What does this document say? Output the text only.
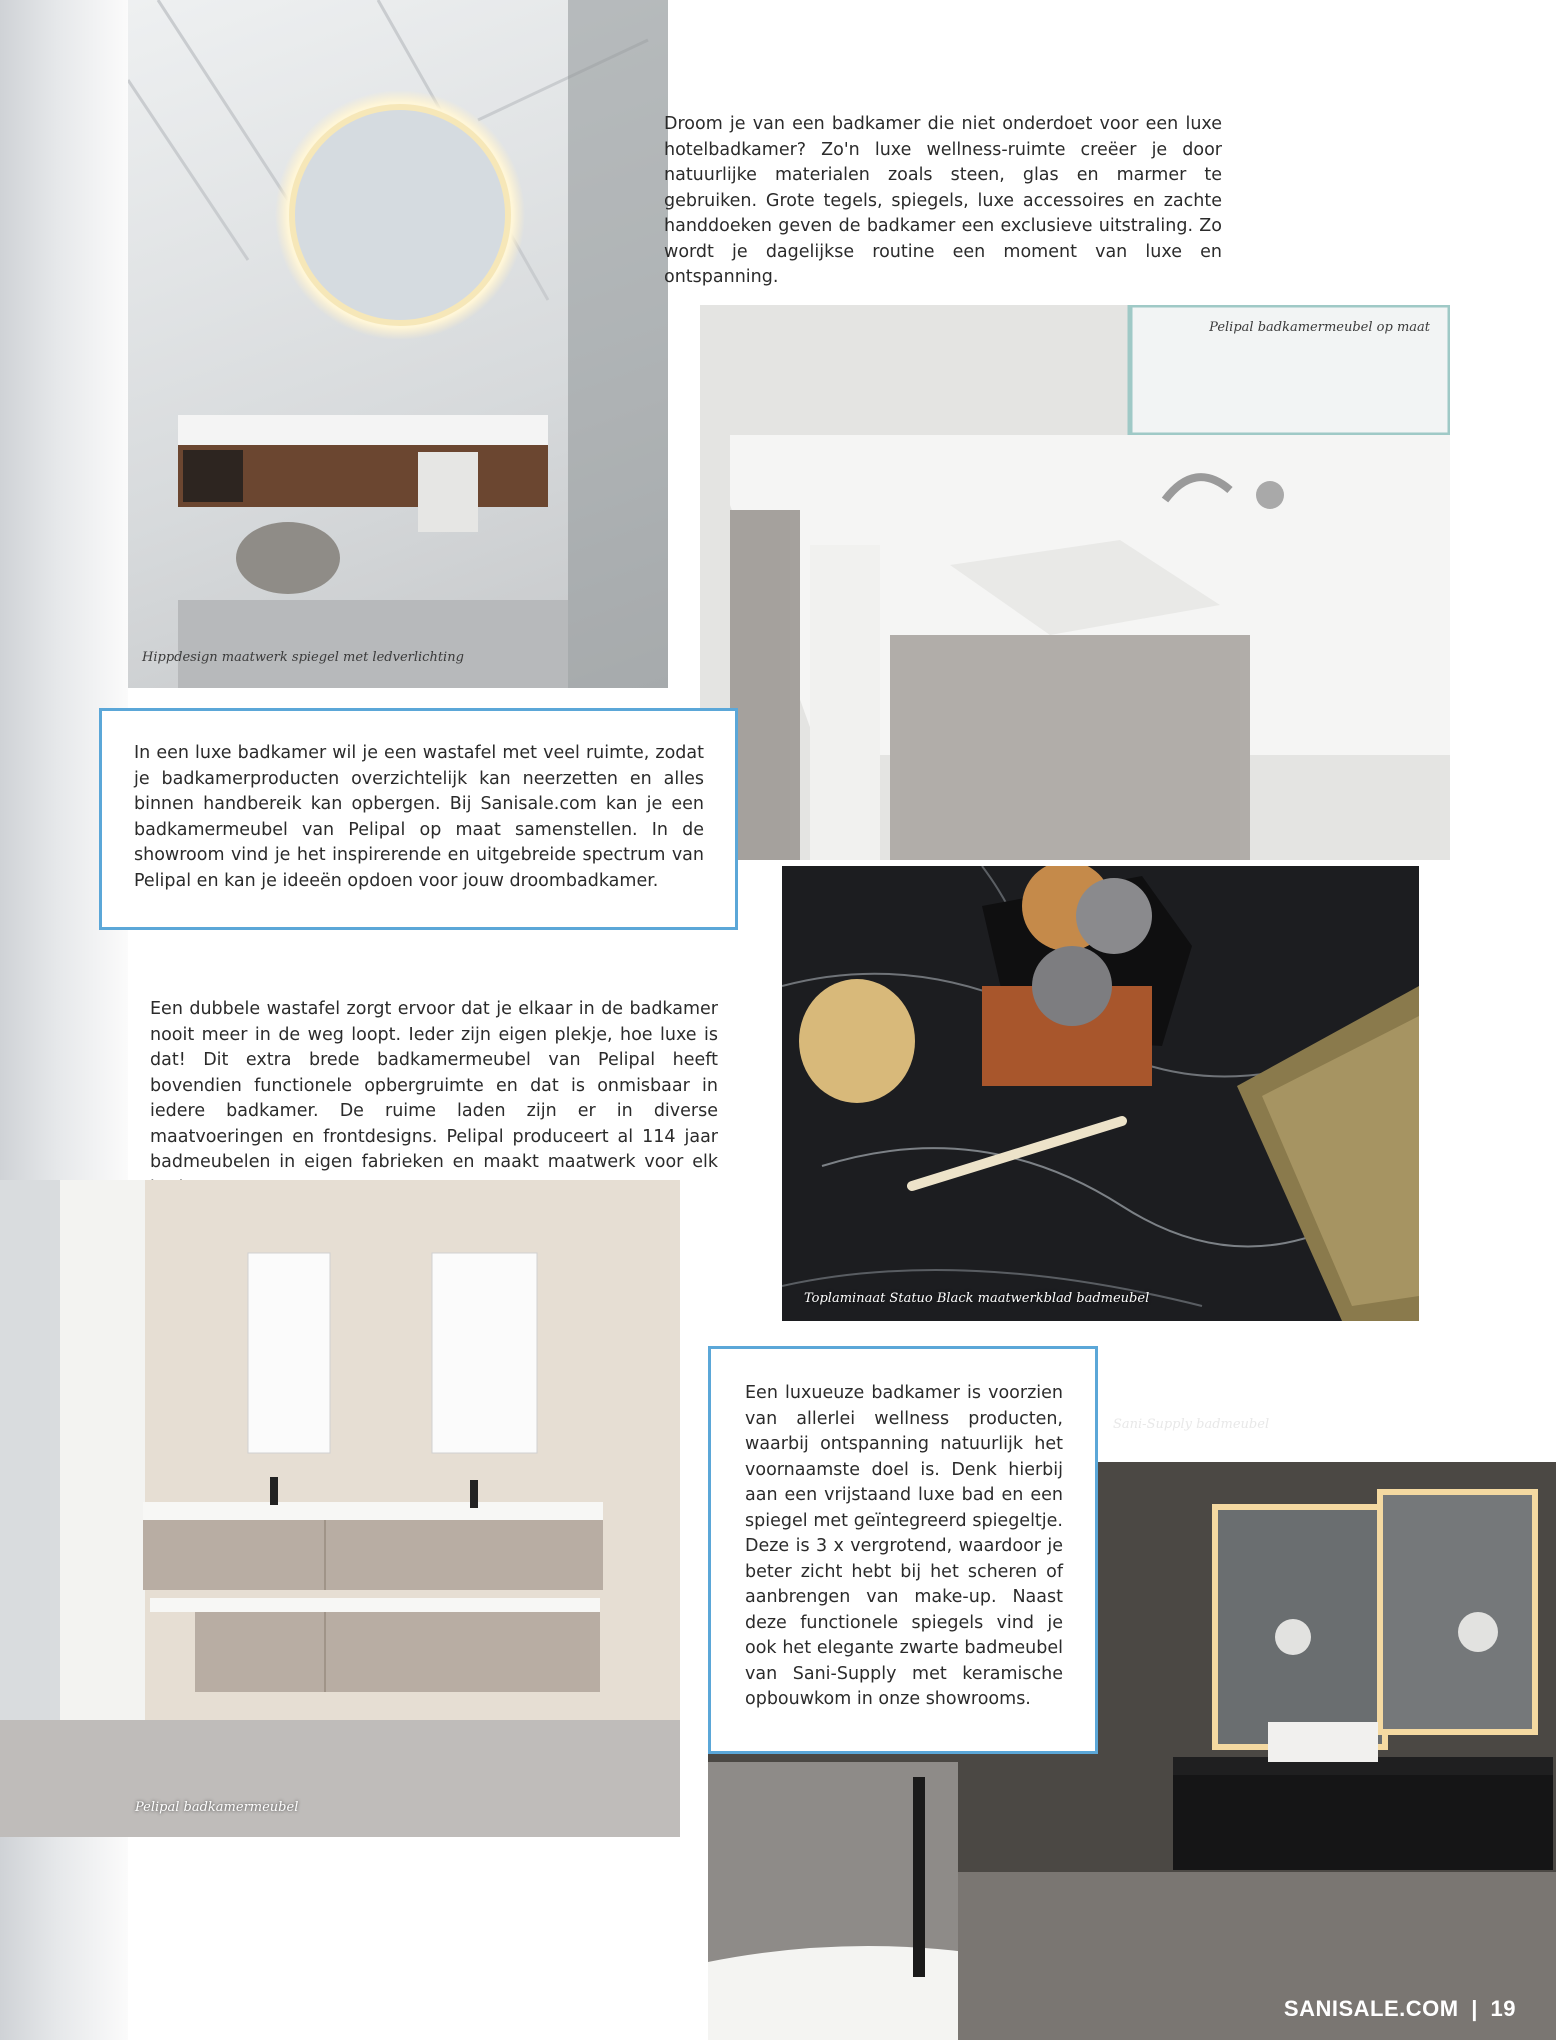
Hippdesign maatwerk spiegel met ledverlichting
Droom je van een badkamer die niet onderdoet voor een luxe hotelbadkamer? Zo'n luxe wellness-ruimte creëer je door natuurlijke materialen zoals steen, glas en marmer te gebruiken. Grote tegels, spiegels, luxe accessoires en zachte handdoeken geven de badkamer een exclusieve uitstraling. Zo wordt je dagelijkse routine een moment van luxe en ontspanning.
Pelipal badkamermeubel op maat
In een luxe badkamer wil je een wastafel met veel ruimte, zodat je badkamerproducten overzichtelijk kan neerzetten en alles binnen handbereik kan opbergen. Bij Sanisale.com kan je een badkamermeubel van Pelipal op maat samenstellen. In de showroom vind je het inspirerende en uitgebreide spectrum van Pelipal en kan je ideeën opdoen voor jouw droombadkamer.
Toplaminaat Statuo Black maatwerkblad badmeubel
Een dubbele wastafel zorgt ervoor dat je elkaar in de badkamer nooit meer in de weg loopt. Ieder zijn eigen plekje, hoe luxe is dat! Dit extra brede badkamermeubel van Pelipal heeft bovendien functionele opbergruimte en dat is onmisbaar in iedere badkamer. De ruime laden zijn er in diverse maatvoeringen en frontdesigns. Pelipal produceert al 114 jaar badmeubelen in eigen fabrieken en maakt maatwerk voor elk
Pelipal badkamermeubel
Sani-Supply badmeubel
Een luxueuze badkamer is voorzien van allerlei wellness producten, waarbij ontspanning natuurlijk het voornaamste doel is. Denk hierbij aan een vrijstaand luxe bad en een spiegel met geïntegreerd spiegeltje. Deze is 3 x vergrotend, waardoor je beter zicht hebt bij het scheren of aanbrengen van make-up. Naast deze functionele spiegels vind je ook het elegante zwarte badmeubel van Sani-Supply met keramische opbouwkom in onze showrooms.
SANISALE.COM | 19
